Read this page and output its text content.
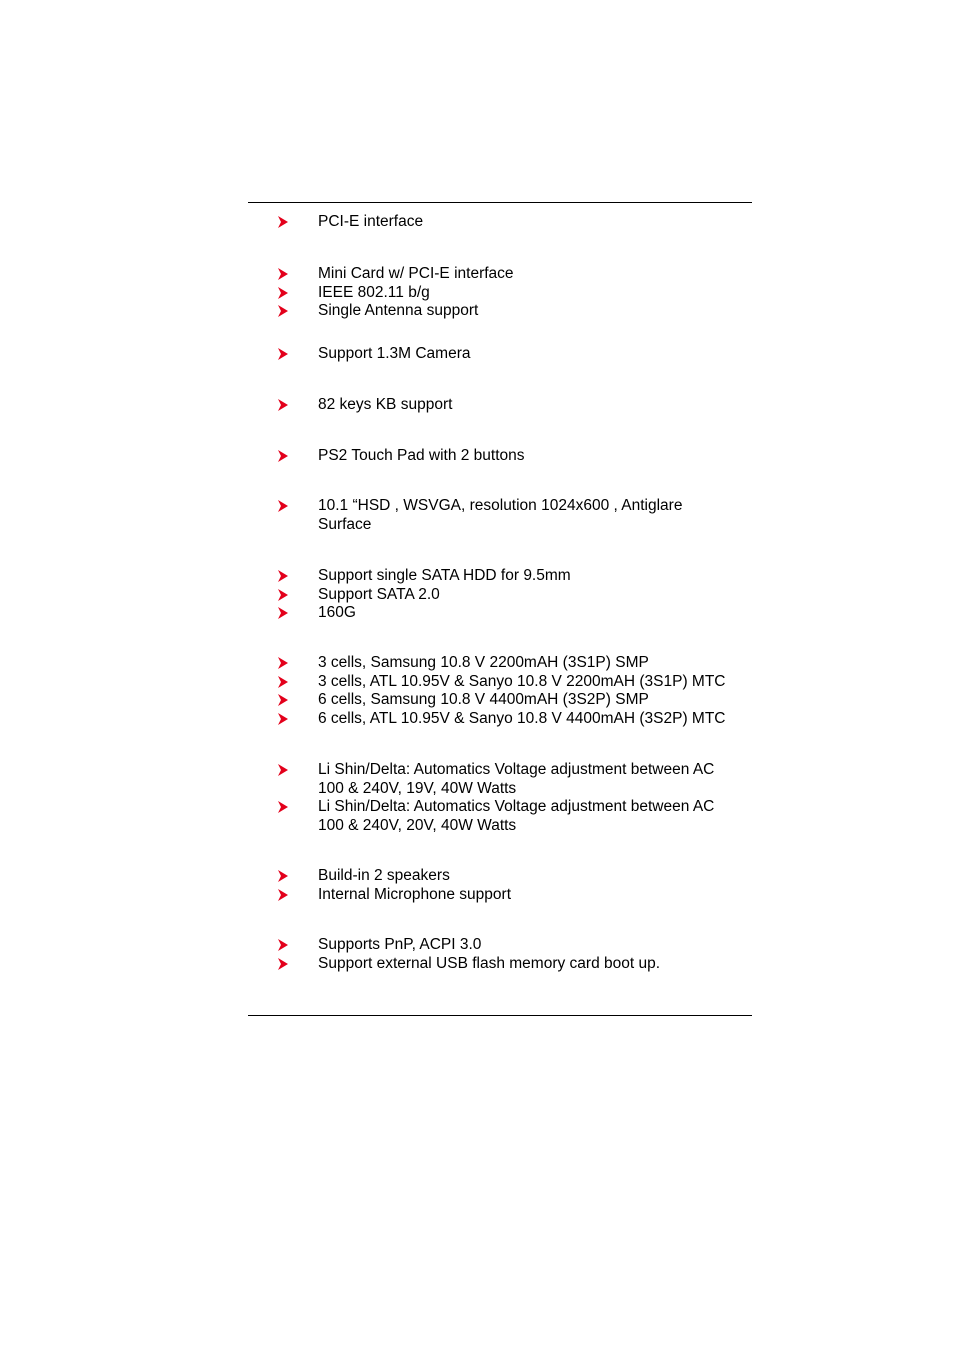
PCI-E interface
Mini Card w/ PCI-E interface
IEEE 802.11 b/g
Single Antenna support
Support 1.3M Camera
82 keys KB support
PS2 Touch Pad with 2 buttons
10.1 “HSD , WSVGA, resolution 1024x600 , Antiglare Surface
Support single SATA HDD for 9.5mm
Support SATA 2.0
160G
3 cells, Samsung 10.8 V 2200mAH (3S1P) SMP
3 cells, ATL 10.95V & Sanyo 10.8 V 2200mAH (3S1P) MTC
6 cells, Samsung 10.8 V 4400mAH (3S2P) SMP
6 cells, ATL 10.95V & Sanyo 10.8 V 4400mAH (3S2P) MTC
Li Shin/Delta: Automatics Voltage adjustment between AC 100 & 240V, 19V, 40W Watts
Li Shin/Delta: Automatics Voltage adjustment between AC 100 & 240V, 20V, 40W Watts
Build-in 2 speakers
Internal Microphone support
Supports PnP, ACPI 3.0
Support external USB flash memory card boot up.
